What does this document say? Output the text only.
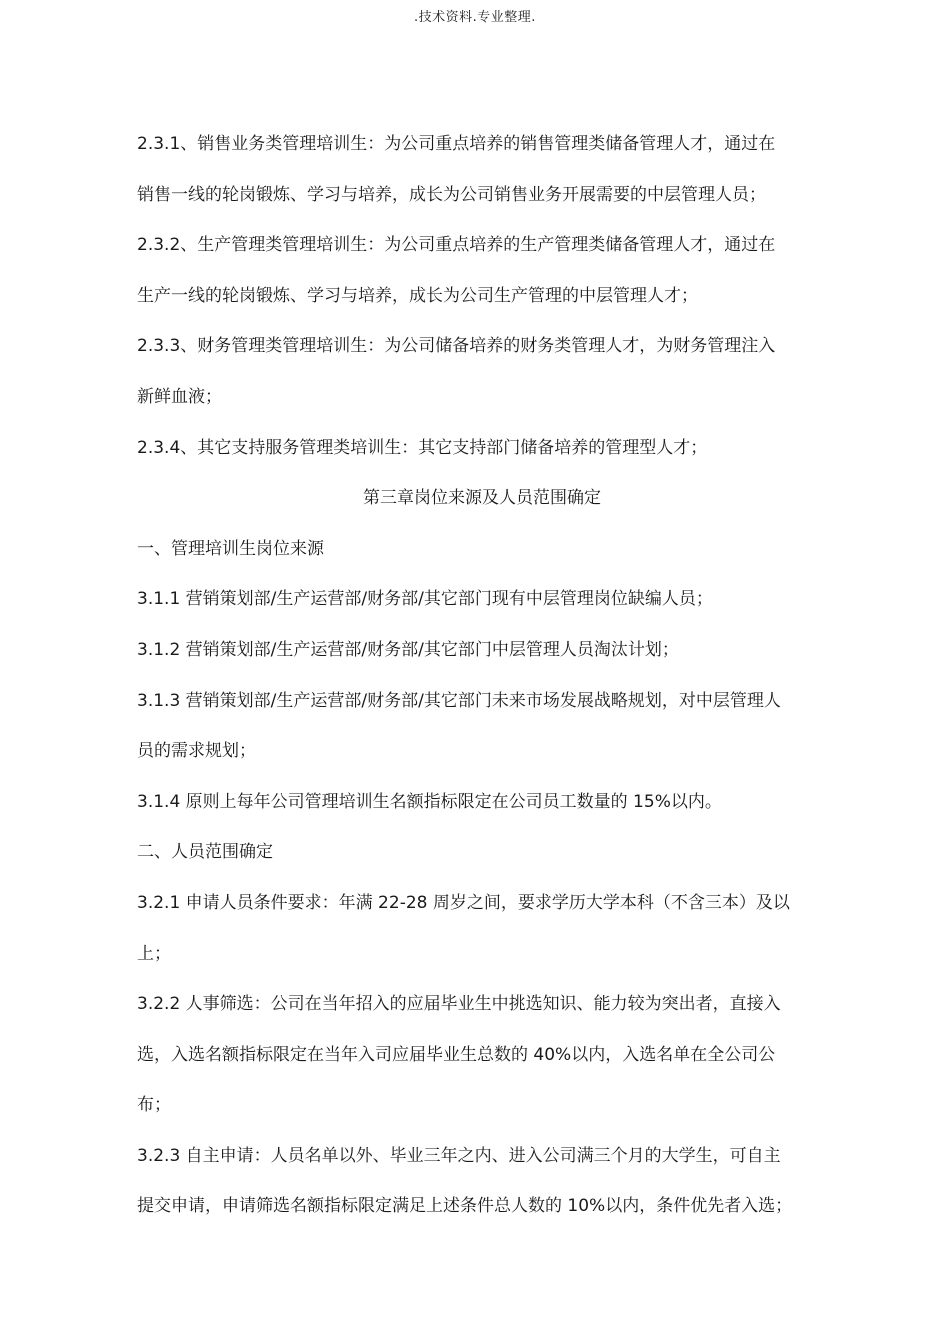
.技术资料.专业整理.
2.3.1、销售业务类管理培训生：为公司重点培养的销售管理类储备管理人才，通过在
销售一线的轮岗锻炼、学习与培养，成长为公司销售业务开展需要的中层管理人员；
2.3.2、生产管理类管理培训生：为公司重点培养的生产管理类储备管理人才，通过在
生产一线的轮岗锻炼、学习与培养，成长为公司生产管理的中层管理人才；
2.3.3、财务管理类管理培训生：为公司储备培养的财务类管理人才，为财务管理注入
新鲜血液；
2.3.4、其它支持服务管理类培训生：其它支持部门储备培养的管理型人才；
第三章岗位来源及人员范围确定
一、管理培训生岗位来源
3.1.1 营销策划部/生产运营部/财务部/其它部门现有中层管理岗位缺编人员；
3.1.2 营销策划部/生产运营部/财务部/其它部门中层管理人员淘汰计划；
3.1.3 营销策划部/生产运营部/财务部/其它部门未来市场发展战略规划，对中层管理人
员的需求规划；
3.1.4 原则上每年公司管理培训生名额指标限定在公司员工数量的 15%以内。
二、人员范围确定
3.2.1 申请人员条件要求：年满 22-28 周岁之间，要求学历大学本科（不含三本）及以
上；
3.2.2 人事筛选：公司在当年招入的应届毕业生中挑选知识、能力较为突出者，直接入
选，入选名额指标限定在当年入司应届毕业生总数的 40%以内，入选名单在全公司公
布；
3.2.3 自主申请：人员名单以外、毕业三年之内、进入公司满三个月的大学生，可自主
提交申请，申请筛选名额指标限定满足上述条件总人数的 10%以内，条件优先者入选；
